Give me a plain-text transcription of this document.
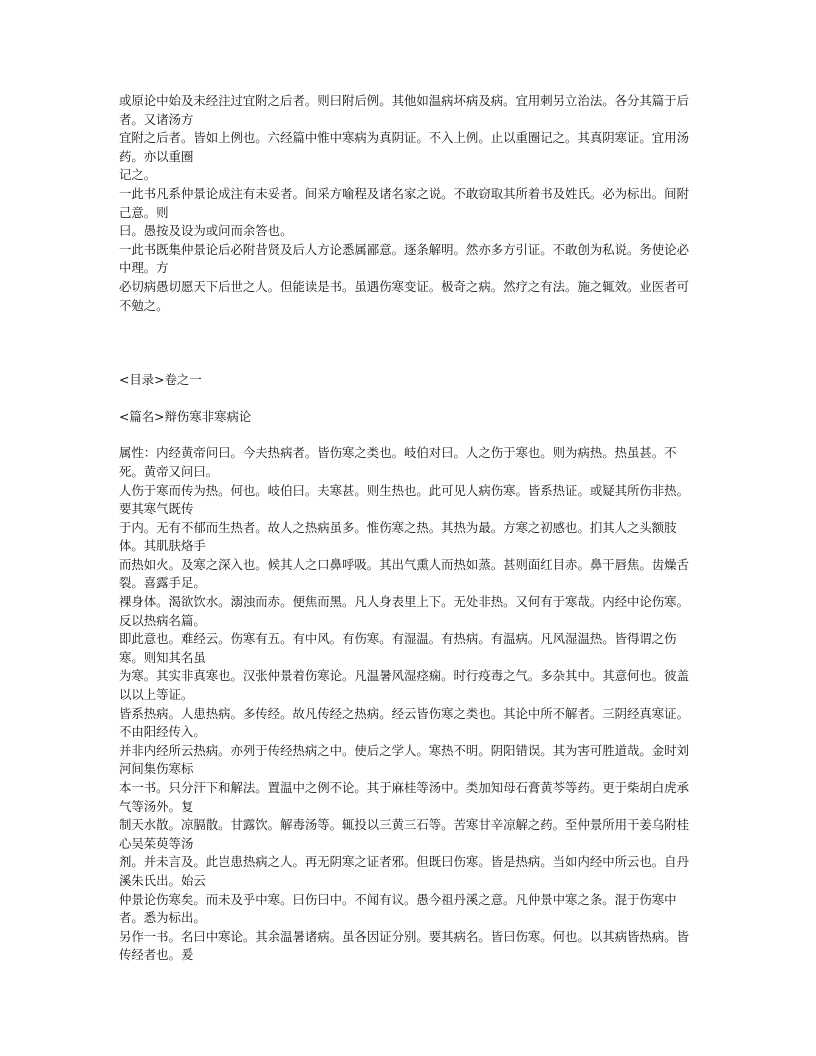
或原论中始及未经注过宜附之后者。则曰附后例。其他如温病坏病及病。宜用刺另立治法。各分其篇于后者。又诸汤方

宜附之后者。皆如上例也。六经篇中惟中寒病为真阴证。不入上例。止以重圈记之。其真阴寒证。宜用汤药。亦以重圈

记之。

一此书凡系仲景论成注有未妥者。间采方喻程及诸名家之说。不敢窃取其所着书及姓氏。必为标出。间附己意。则

曰。愚按及设为或问而余答也。

一此书既集仲景论后必附昔贤及后人方论悉属鄙意。逐条解明。然亦多方引证。不敢创为私说。务使论必中理。方

必切病愚切愿天下后世之人。但能读是书。虽遇伤寒变证。极奇之病。然疗之有法。施之辄效。业医者可不勉之。

<目录>卷之一

<篇名>辩伤寒非寒病论

属性：内经黄帝问曰。今夫热病者。皆伤寒之类也。岐伯对曰。人之伤于寒也。则为病热。热虽甚。不死。黄帝又问曰。

人伤于寒而传为热。何也。岐伯曰。夫寒甚。则生热也。此可见人病伤寒。皆系热证。或疑其所伤非热。要其寒气既传

于内。无有不郁而生热者。故人之热病虽多。惟伤寒之热。其热为最。方寒之初感也。扪其人之头额肢体。其肌肤烙手

而热如火。及寒之深入也。候其人之口鼻呼吸。其出气熏人而热如蒸。甚则面红目赤。鼻干唇焦。齿燥舌裂。喜露手足。

裸身体。渴欲饮水。溺浊而赤。便焦而黑。凡人身表里上下。无处非热。又何有于寒哉。内经中论伤寒。反以热病名篇。

即此意也。难经云。伤寒有五。有中风。有伤寒。有湿温。有热病。有温病。凡风湿温热。皆得谓之伤寒。则知其名虽

为寒。其实非真寒也。汉张仲景着伤寒论。凡温暑风湿痉痫。时行疫毒之气。多杂其中。其意何也。彼盖以以上等证。

皆系热病。人患热病。多传经。故凡传经之热病。经云皆伤寒之类也。其论中所不解者。三阴经真寒证。不由阳经传入。

并非内经所云热病。亦列于传经热病之中。使后之学人。寒热不明。阴阳错误。其为害可胜道哉。金时刘河间集伤寒标

本一书。只分汗下和解法。置温中之例不论。其于麻桂等汤中。类加知母石膏黄芩等药。更于柴胡白虎承气等汤外。复

制天水散。凉膈散。甘露饮。解毒汤等。辄投以三黄三石等。苦寒甘辛凉解之药。至仲景所用干姜乌附桂心吴茱萸等汤

剂。并未言及。此岂患热病之人。再无阴寒之证者邪。但既曰伤寒。皆是热病。当如内经中所云也。自丹溪朱氏出。始云

仲景论伤寒矣。而未及乎中寒。曰伤曰中。不闻有议。愚今祖丹溪之意。凡仲景中寒之条。混于伤寒中者。悉为标出。

另作一书。名曰中寒论。其余温暑诸病。虽各因证分别。要其病名。皆曰伤寒。何也。以其病皆热病。皆传经者也。爰
